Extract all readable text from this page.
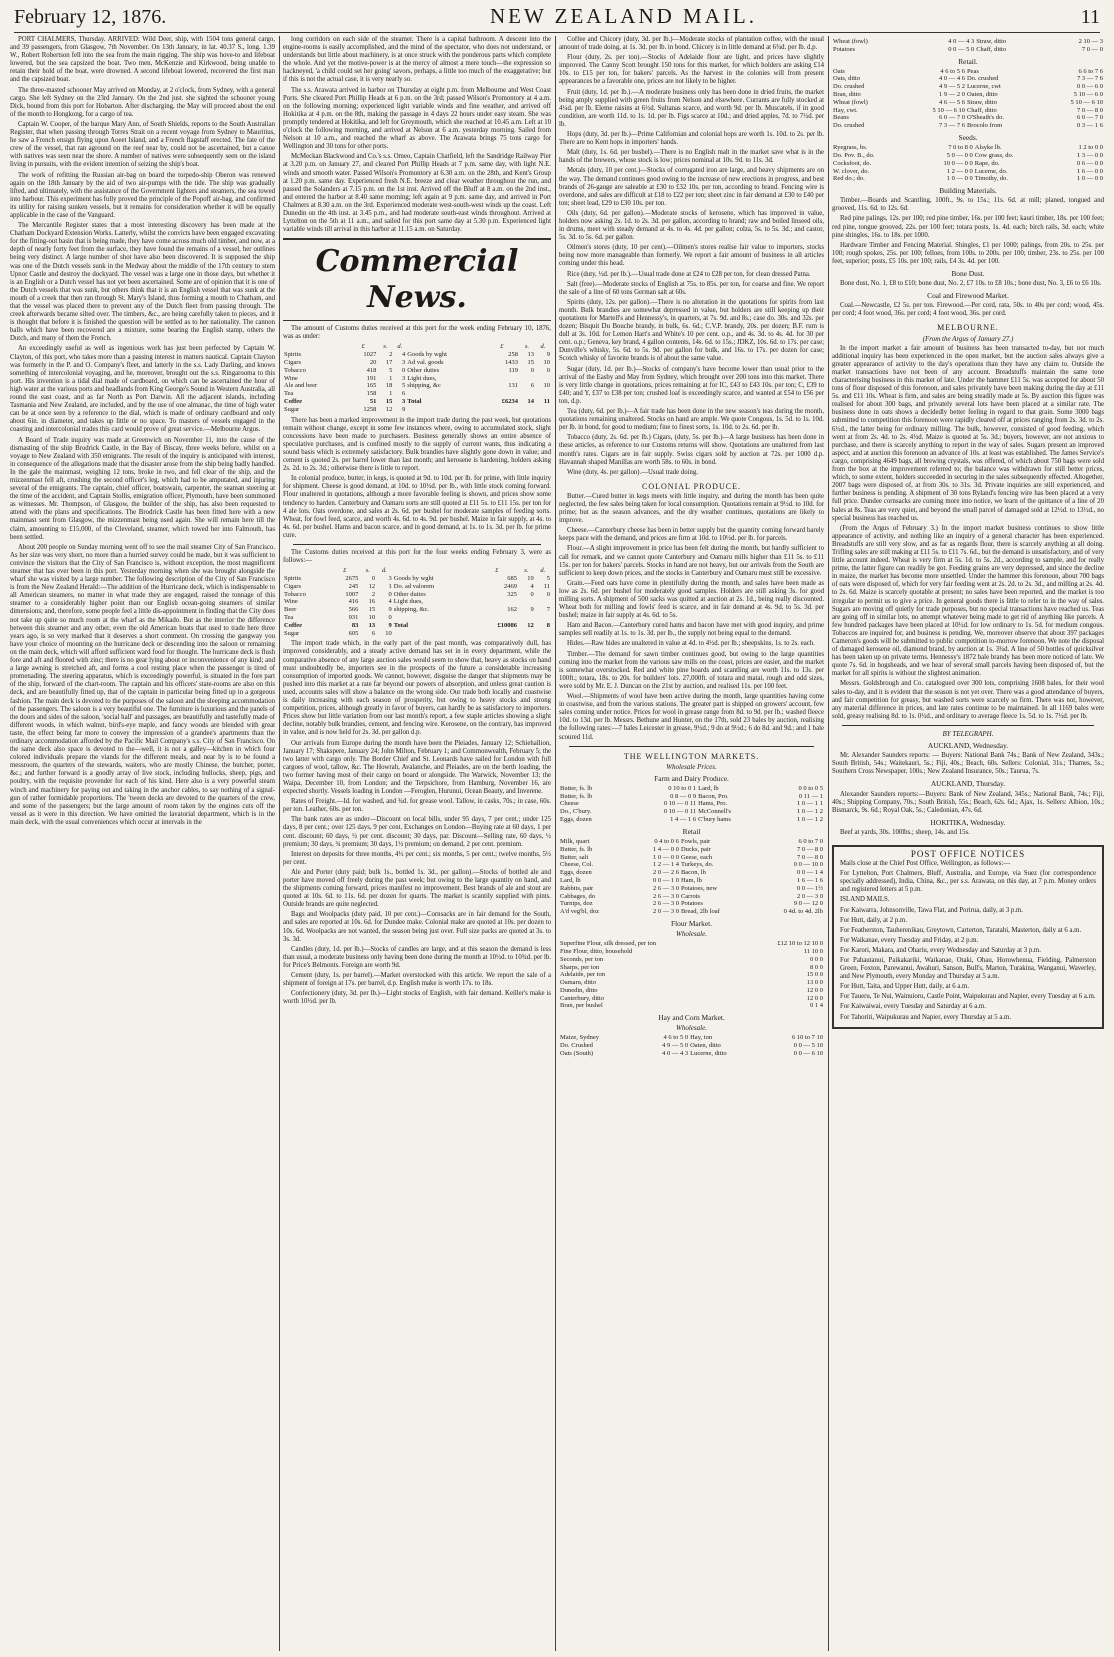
February 12, 1876.	NEW ZEALAND MAIL.	11

PORT CHALMERS, Thursday. ARRIVED: Wild Deer, ship, with 1504 tons general cargo, and 39 passengers, from Glasgow, 7th November. On 13th January, in lat. 40.37 S., long. 1.39 W., Robert Robertson fell into the sea from the main rigging. The ship was hove-to and lifeboat lowered, but the sea capsized the boat. Two men, McKenzie and Kirkwood, being unable to retain their hold of the boat, were drowned. A second lifeboat lowered, recovered the first man and the capsized boat.

The three-masted schooner May arrived on Monday, at 2 o'clock, from Sydney, with a general cargo. She left Sydney on the 23rd January. On the 2nd just. she sighted the schooner young Dick, bound from this port for Hobarton. After discharging, the May will proceed about the end of the month to Hongkong, for a cargo of tea.

Captain W. Cooper, of the barque Mary Ann, of South Shields, reports to the South Australian Register, that when passing through Torres Strait on a recent voyage from Sydney to Mauritius, he saw a French ensign flying upon Aoeet Island, and a French flagstaff erected. The fate of the crew of the vessel, that ran aground on the reef near by, could not be ascertained, but a canoe with natives was seen near the shore. A number of natives were subsequently seen on the island living in pursuits, with the evident intention of seizing the ship's boat.

The work of refitting the Russian air-bag on board the torpedo-ship Oberon was renewed again on the 18th January by the aid of two air-pumps with the tide. The ship was gradually lifted, and ultimately, with the assistance of the Government lighters and steamers, the sea towed into harbour. This experiment has fully proved the principle of the Popoff air-bag, and confirmed its utility for raising sunken vessels, but it remains for consideration whether it will be equally applicable in the case of the Vanguard.

The Mercantile Register states that a most interesting discovery has been made at the Chatham Dockyard Extension Works. Latterly, whilst the convicts have been engaged excavating for the fitting-out basin that is being made, they have come across much old timber, and now, at a depth of nearly forty feet from the surface, they have found the remains of a vessel, her outlines being very distinct. A large number of shot have also been discovered. It is supposed the ship was one of the Dutch vessels sunk in the Medway about the middle of the 17th century to stem Upnor Castle and destroy the dockyard. The vessel was a large one in those days, but whether it is an English or a Dutch vessel has not yet been ascertained. Some are of opinion that it is one of the Dutch vessels that was sunk, but others think that it is an English vessel that was sunk at the mouth of a creek that then ran through St. Mary's Island, thus forming a mouth to Chatham, and that the vessel was placed there to prevent any of the Dutch fleet from passing through. The creek afterwards became silted over. The timbers, &c., are being carefully taken to pieces, and it is thought that before it is finished the question will be settled as to her nationality. The cannon balls which have been recovered are a mixture, some bearing the English stamp, others the Dutch, and many of them the French.

An exceedingly useful as well as ingenious work has just been perfected by Captain W. Clayton, of this port, who takes more than a passing interest in matters nautical. Captain Clayton was formerly in the P. and O. Company's fleet, and latterly in the s.s. Lady Darling, and knows something of intercolonial voyaging, and he, moreover, brought out the s.s. Ringarooma to this port. His invention is a tidal dial made of cardboard, on which can be ascertained the hour of high water at the various ports and headlands from King George's Sound in Western Australia, all round the east coast, and as far North as Port Darwin. All the adjacent islands, including Tasmania and New Zealand, are included, and by the use of one almanac, the time of high water can be at once seen by a reference to the dial, which is made of ordinary cardboard and only about 6in. in diameter, and takes up little or no space. To masters of vessels engaged in the coasting and intercolonial trades this card would prove of great service.—Melbourne Argus.

A Board of Trade inquiry was made at Greenwich on November 11, into the cause of the dismasting of the ship Brodrick Castle, in the Bay of Biscay, three weeks before, whilst on a voyage to New Zealand with 350 emigrants. The result of the inquiry is anticipated with interest, in consequence of the allegations made that the disaster arose from the ship being badly handled. In the gale the mainmast, weighing 12 tons, broke in two, and fell clear of the ship, and the mizzenmast fell aft, crushing the second officer's leg, which had to be amputated, and injuring several of the emigrants. The captain, chief officer, boatswain, carpenter, the seaman steering at the time of the accident, and Captain Stollis, emigration officer, Plymouth, have been summoned as witnesses. Mr. Thompson, of Glasgow, the builder of the ship, has also been requested to attend with the plans and specifications. The Brodrick Castle has been fitted here with a new mainmast sent from Glasgow, the mizzenmast being used again. She will remain here till the claim, amounting to £15,000, of the Cleveland, steamer, which towed her into Falmouth, has been settled.

About 200 people on Sunday morning went off to see the mail steamer City of San Francisco. As her size was very short, no more than a hurried survey could be made, but it was sufficient to convince the visitors that the City of San Francisco is, without exception, the most magnificent steamer that has ever been in this port. Yesterday morning when she was brought alongside the wharf she was visited by a large number. The following description of the City of San Francisco is from the New Zealand Herald:—The addition of the Hurricane deck, which is indispensable to all American steamers, no matter in what trade they are engaged, raised the tonnage of this steamer to a considerably higher point than our English ocean-going steamers of similar dimensions; and, therefore, some people feel a little dis-appointment in finding that the City does not take up quite so much room at the wharf as the Mikado. But as the interior the difference between this steamer and any other, even the old American boats that used to trade here three years ago, is so very marked that it deserves a short comment. On crossing the gangway you have your choice of mounting on the hurricane deck or descending into the saloon or remaining on the main deck, which will afford sufficient ward food for thought. The hurricane deck is flush fore and aft and floored with zinc; there is no gear lying about or inconvenience of any kind; and a large awning is stretched aft, and forms a cool resting place when the passenger is tired of promenading. The steering apparatus, which is exceedingly powerful, is situated in the fore part of the ship, forward of the chart-room. The captain and his officers' state-rooms are also on this deck, and are beautifully fitted up, that of the captain in particular being fitted up in a gorgeous fashion. The main deck is devoted to the purposes of the saloon and the sleeping accommodation of the passengers. The saloon is a very beautiful one. The furniture is luxurious and the panels of the doors and sides of the saloon, 'social hall' and passages, are beautifully and tastefully made of different woods, in which walnut, bird's-eye maple, and fancy woods are blended with great taste, the effect being far more to convey the impression of a grandee's apartments than the ordinary accommodation afforded by the Pacific Mail Company's s.s. City of San Francisco. On the same deck also space is devoted to the—well, it is not a galley—kitchen in which four colored individuals prepare the viands for the different meals, and near by is to be found a messroom, the quarters of the stewards, waiters, who are mostly Chinese, the butcher, porter, &c.; and further forward is a goodly array of live stock, including bullocks, sheep, pigs, and poultry, with the requisite provender for each of his kind. Here also is a very powerful steam winch and machinery for paying out and taking in the anchor cables, to say nothing of a signal-gun of rather formidable proportions. The 'tween decks are devoted to the quarters of the crew, and some of the passengers; but the large amount of room taken by the engines cuts off the vessel as it were in this direction. We have omitted the lavatorial department, which is in the main deck, with the usual conveniences which occur at intervals in the

long corridors on each side of the steamer. There is a capital bathroom. A descent into the engine-rooms is easily accomplished, and the mind of the spectator, who does not understand, or understands but little about machinery, is at once struck with the ponderous parts which complete the whole. And yet the motive-power is at the mercy of almost a mere touch—the expression so hackneyed, 'a child could set her going' savors, perhaps, a little too much of the exaggerative; but if this is not the actual case, it is very nearly so.

The s.s. Arawata arrived in harbor on Thursday at eight p.m. from Melbourne and West Coast Ports. She cleared Port Phillip Heads at 6 p.m. on the 3rd; passed Wilson's Promontory at 4 a.m. on the following morning; experienced light variable winds and fine weather, and arrived off Hokitika at 4 p.m. on the 8th, making the passage in 4 days 22 hours under easy steam. She was promptly tendered at Hokitika, and left for Greymouth, which she reached at 10.45 a.m. Left at 10 o'clock the following morning, and arrived at Nelson at 6 a.m. yesterday morning. Sailed from Nelson at 10 a.m., and reached the wharf as above. The Arawata brings 75 tons cargo for Wellington and 30 tons for other ports.

McMeckan Blackwood and Co.'s s.s. Omeo, Captain Chatfield, left the Sandridge Railway Pier at 3.20 p.m. on January 27, and cleared Port Phillip Heads at 7 p.m. same day, with light N.E. winds and smooth water. Passed Wilson's Promontory at 6.30 a.m. on the 28th, and Kent's Group at 1.20 p.m. same day. Experienced fresh N.E. breeze and clear weather throughout the run, and passed the Solanders at 7.15 p.m. on the 1st inst. Arrived off the Bluff at 8 a.m. on the 2nd inst., and entered the harbor at 8.40 same morning; left again at 9 p.m. same day, and arrived in Port Chalmers at 8.30 a.m. on the 3rd. Experienced moderate west-south-west winds up the coast. Left Dunedin on the 4th inst. at 3.45 p.m., and had moderate south-east winds throughout. Arrived at Lyttelton on the 5th at 11 a.m., and sailed for this port same day at 5.30 p.m. Experienced light variable winds till arrival in this harbor at 11.15 a.m. on Saturday.

Commercial News.

The amount of Customs duties received at this port for the week ending February 10, 1876, was as under:

	£	s.	d.		£	s.	d.
Spirits	1027	2	4	Goods by wght	258	13	9
Cigars	20	17	3	Ad val. goods	1433	15	10
Tobacco	418	5	0	Other duties	119	0	0
Wine	191	1	3	Light dues,			
Ale and beer	165	18	5	shipping, &c	131	6	10
Tea	158	1	6				
Coffee	51	15	3	Total	£6234	14	11
Sugar	1258	12	9				

There has been a marked improvement in the import trade during the past week, but quotations remain without change, except in some few instances where, owing to accumulated stock, slight concessions have been made to purchasers. Business generally shows an entire absence of speculative purchases, and is confined mostly to the supply of current wants, thus indicating a sound basis which is extremely satisfactory. Bulk brandies have slightly gone down in value; and cement is quoted 2s. per barrel lower than last month; and kerosene is hardening, holders asking 2s. 2d. to 2s. 3d.; otherwise there is little to report.

In colonial produce, butter, in kegs, is quoted at 9d. to 10d. per lb. for prime, with little inquiry for shipment. Cheese is good demand, at 10d. to 10½d. per lb., with little stock coming forward. Flour unaltered in quotations, although a more favorable feeling is shown, and prices show some tendency to harden. Canterbury and Oamaru sorts are still quoted at £11 5s. to £11 15s. per ton for 4 ale lots. Oats overdone, and sales at 2s. 6d. per bushel for moderate samples of feeding sorts. Wheat, for fowl feed, scarce, and worth 4s. 6d. to 4s. 9d. per bushel. Maize in fair supply, at 4s. to 4s. 6d. per bushel. Hams and bacon scarce, and in good demand, at 1s. to 1s. 3d. per lb. for prime cure.

The Customs duties received at this port for the four weeks ending February 3, were as follows:—

	£	s.	d.		£	s.	d.
Spirits	2675	0	3	Goods by wght	685	19	5
Cigars	245	12	1	Do. ad valorem	2469	4	11
Tobacco	1007	2	0	Other duties	325	0	0
Wine	416	16	4	Light dues,			
Beer	566	15	9	shipping, &c.	162	9	7
Tea	931	10	0				
Coffee	83	13	9	Total	£10086	12	8
Sugar	605	6	10				

The import trade which, in the early part of the past month, was comparatively dull, has improved considerably, and a steady active demand has set in in every department, while the comparative absence of any large auction sales would seem to show that, heavy as stocks on hand must undoubtedly be, importers see in the prospects of the future a considerable increasing consumption of imported goods. We cannot, however, disguise the danger that shipments may be pushed into this market at a rate far beyond our powers of absorption, and unless great caution is used, accounts sales will show a balance on the wrong side. Our trade both locally and coastwise is daily increasing with each season of prosperity, but owing to heavy stocks and strong competition, prices, although greatly in favor of buyers, can hardly be as satisfactory to importers. Prices show but little variation from our last month's report, a few staple articles showing a slight decline, notably bulk brandies, cement, and fencing wire. Kerosene, on the contrary, has improved in value, and is now held for 2s. 3d. per gallon d.p.

Our arrivals from Europe during the month have been the Pleiades, January 12; Schiehallion, January 17; Shakspere, January 24; John Milton, February 1; and Commonwealth, February 5; the two latter with cargo only. The Border Chief and St. Leonards have sailed for London with full cargoes of wool, tallow, &c. The Howrah, Avalanche, and Pleiades, are on the berth loading, the two former having most of their cargo on board or alongside. The Warwick, November 13; the Waipa, December 10, from London; and the Terpsichore, from Hamburg, November 16, are expected shortly. Vessels loading in London —Feroglen, Hurunui, Ocean Beauty, and Inverene.

Rates of Freight.—Id. for washed, and ¾d. for grease wool. Tallow, in casks, 70s.; in case, 60s. per ton. Leather, 60s. per ton.

The bank rates are as under—Discount on local bills, under 95 days, 7 per cent.; under 125 days, 8 per cent.; over 125 days, 9 per cent. Exchanges on London—Buying rate at 60 days, 1 per cent. discount; 60 days, ½ per cent. discount; 30 days, par. Discount—Selling rate, 60 days, ½ premium; 30 days, ¾ premium; 30 days, 1½ premium; on demand, 2 per cent. premium.

Interest on deposits for three months, 4½ per cent.; six months, 5 per cent.; twelve months, 5½ per cent.

Ale and Porter (duty paid; bulk 1s., bottled 1s. 3d., per gallon).—Stocks of bottled ale and porter have moved off freely during the past week; but owing to the large quantity on hand, and the shipments coming forward, prices manifest no improvement. Best brands of ale and stout are quoted at 10s. 6d. to 11s. 6d. per dozen for quarts. The market is scantily supplied with pints. Outside brands are quite neglected.

Bags and Woolpacks (duty paid, 10 per cent.)—Cornsacks are in fair demand for the South, and sales are reported at 10s. 6d. for Dundee make. Colonial make are quoted at 10s. per dozen to 10s. 6d. Woolpacks are not wanted, the season being just over. Full size packs are quoted at 3s. to 3s. 3d.

Candles (duty, 1d. per lb.)—Stocks of candles are large, and at this season the demand is less than usual, a moderate business only having been done during the month at 10½d. to 10¾d. per lb. for Price's Belmonts. Foreign are worth 9d.

Cement (duty, 1s. per barrel).—Market overstocked with this article. We report the sale of a shipment of foreign at 17s. per barrel, d.p. English make is worth 17s. to 18s.

Confectionery (duty, 3d. per lb.)—Light stocks of English, with fair demand. Keiller's make is worth 10½d. per lb.

Coffee and Chicory (duty, 3d. per lb.)—Moderate stocks of plantation coffee, with the usual amount of trade doing, at 1s. 3d. per lb. in bond. Chicory is in little demand at 6¾d. per lb. d.p.

Flour (duty, 2s. per ton).—Stocks of Adelaide flour are light, and prices have slightly improved. The Canny Scott brought 150 tons for this market, for which holders are asking £14 10s. to £15 per ton, for bakers' parcels. As the harvest in the colonies will from present appearances be a favorable one, prices are not likely to be higher.

Fruit (duty, 1d. per lb.).—A moderate business only has been done in dried fruits, the market being amply supplied with green fruits from Nelson and elsewhere. Currants are fully stocked at 4¼d. per lb. Eleme raisins at 6½d. Sultanas scarce, and worth 9d. per lb. Muscatels, if in good condition, are worth 11d. to 1s. 1d. per lb. Figs scarce at 10d.; and dried apples, 7d. to 7½d. per lb.

Hops (duty, 3d. per lb.)—Prime Californian and colonial hops are worth 1s. 10d. to 2s. per lb. There are no Kent hops in importers' hands.

Malt (duty, 1s. 6d. per bushel).—There is no English malt in the market save what is in the hands of the brewers, whose stock is low; prices nominal at 10s. 9d. to 11s. 3d.

Metals (duty, 10 per cent.)—Stocks of corrugated iron are large, and heavy shipments are on the way. The demand continues good owing to the increase of new erections in progress, and best brands of 26-gauge are saleable at £30 to £32 10s. per ton, according to brand. Fencing wire is overdone, and sales are difficult at £18 to £22 per ton; sheet zinc in fair demand at £30 to £40 per ton; sheet lead, £29 to £30 10s. per ton.

Oils (duty, 6d. per gallon).—Moderate stocks of kerosene, which has improved in value, holders now asking 2s. 1d. to 2s. 3d. per gallon, according to brand; raw and boiled linseed oils, in drums, meet with steady demand at 4s. to 4s. 4d. per gallon; colza, 5s. to 5s. 3d.; and castor, 5s. 3d. to 5s. 6d. per gallon.

Oilmen's stores (duty, 10 per cent).—Oilmen's stores realise fair value to importers, stocks being now more manageable than formerly. We report a fair amount of business in all articles coming under this head.

Rice (duty, ½d. per lb.).—Usual trade done at £24 to £28 per ton, for clean dressed Patna.

Salt (free).—Moderate stocks of English at 75s. to 85s. per ton, for coarse and fine. We report the sale of a line of 60 tons German salt at 60s.

Spirits (duty, 12s. per gallon).—There is no alteration in the quotations for spirits from last month. Bulk brandies are somewhat depressed in value, but holders are still keeping up their quotations for Martell's and Hennessy's, in quarters, at 7s. 9d. and 8s.; case do. 30s. and 32s. per dozen; Bisquit Du Bouche brandy, in bulk, 6s. 6d.; C.V.P. brandy, 20s. per dozen; B.F. rum is dull at 3s. 10d. for Lemon Hart's and White's 10 per cent. o.p., and 4s. 3d. to 4s. 4d. for 30 per cent. o.p.; Geneva, key brand, 4 gallon contents, 14s. 6d. to 15s.; JDKZ, 10s. 6d. to 17s. per case; Dunville's whisky, 5s. 6d. to 5s. 9d. per gallon for bulk, and 16s. to 17s. per dozen for case; Scotch whisky of favorite brands is of about the same value.

Sugar (duty, 1d. per lb.)—Stocks of company's have become lower than usual prior to the arrival of the Easby and May from Sydney, which brought over 200 tons into this market. There is very little change in quotations, prices remaining at for IC, £43 to £43 10s. per ton; C, £39 to £40; and Y, £37 to £38 per ton; crushed loaf is exceedingly scarce, and wanted at £54 to £56 per ton, d.p.

Tea (duty, 6d. per lb.)—A fair trade has been done in the new season's teas during the month, quotations remaining unaltered. Stocks on hand are ample. We quote Congous, 1s. 5d. to 1s. 10d. per lb. in bond, for good to medium; fine to finest sorts, 1s. 10d. to 2s. 6d. per lb.

Tobacco (duty, 2s. 6d. per lb.) Cigars, (duty, 5s. per lb.)—A large business has been done in these articles, as reference to our Customs returns will show. Quotations are unaltered from last month's rates. Cigars are in fair supply. Swiss cigars sold by auction at 72s. per 1000 d.p. Havannah shaped Manillas are worth 58s. to 60s. in bond.

Wine (duty, 4s. per gallon).—Usual trade doing.

COLONIAL PRODUCE.

Butter.—Cured butter in kegs meets with little inquiry, and during the month has been quite neglected, the few sales being taken for local consumption. Quotations remain at 9½d. to 10d. for prime; but as the season advances, and the dry weather continues, quotations are likely to improve.

Cheese.—Canterbury cheese has been in better supply but the quantity coming forward barely keeps pace with the demand, and prices are firm at 10d. to 10½d. per lb. for parcels.

Flour.—A slight improvement in price has been felt during the month, but hardly sufficient to call for remark, and we cannot quote Canterbury and Oamaru mills higher than £11 5s. to £11 15s. per ton for bakers' parcels. Stocks in hand are not heavy, but our arrivals from the South are sufficient to keep down prices, and the stocks in Canterbury and Oamaru must still be excessive.

Grain.—Feed oats have come in plentifully during the month, and sales have been made as low as 2s. 6d. per bushel for moderately good samples. Holders are still asking 3s. for good milling sorts. A shipment of 500 sacks was quitted at auction at 2s. 1d., being really discounted. Wheat both for milling and fowls' feed is scarce, and in fair demand at 4s. 9d. to 5s. 3d. per bushel; maize in fair supply at 4s. 6d. to 5s.

Ham and Bacon.—Canterbury cured hams and bacon have met with good inquiry, and prime samples sell readily at 1s. to 1s. 3d. per lb., the supply not being equal to the demand.

Hides.—Raw hides are unaltered in value at 4d. to 4½d. per lb.; sheepskins, 1s. to 2s. each.

Timber.—The demand for sawn timber continues good, but owing to the large quantities coming into the market from the various saw mills on the coast, prices are easier, and the market is somewhat overstocked. Red and white pine boards and scantling are worth 11s. to 13s. per 100ft.; totara, 18s. to 20s. for builders' lots. 27,000ft. of totara and matai, rough and odd sizes, were sold by Mr. E. J. Duncan on the 21st by auction, and realised 11s. per 100 feet.

Wool.—Shipments of wool have been active during the month, large quantities having come in coastwise, and from the various stations. The greater part is shipped on growers' account, few sales coming under notice. Prices for wool in grease range from 8d. to 9d. per lb.; washed fleece 10d. to 13d. per lb. Messrs. Bethune and Hunter, on the 17th, sold 23 bales by auction, realising the following rates:—7 bales Leicester in grease, 9½d.; 9 do at 9½d.; 6 do 8d. and 9d.; and 1 bale scoured 11d.

THE WELLINGTON MARKETS.
Wholesale Prices.
Farm and Dairy Produce.
Butter, fs. lb	0 10 to 0 1	Lard, lb	0 0 to 0 5
Butter, fs. lb	0 8 — 0 9	Bacon, Pro.	0 11 — 1
Cheese	0 10 — 0 11	Hams, Pro.	1 0 — 1 1
Do., C'bury.	0 10 — 0 11	McConnell's	1 0 — 1 2
Eggs, dozen	1 4 — 1 6	C'bury hams	1 0 — 1 2
Retail
Milk, quart	0 4 to 0 6	Fowls, pair	6 0 to 7 0
Butter, fs. lb	1 4 — 0 0	Ducks, pair	7 0 — 8 0
Butter, salt	1 0 — 0 0	Geese, each	7 0 — 8 0
Cheese, Col.	1 2 — 1 4	Turkeys, do.	0 0 — 10 0
Eggs, dozen	2 0 — 2 6	Bacon, lb	0 0 — 1 4
Lard, lb	0 0 — 1 0	Ham, lb	1 6 — 1 6
Rabbits, pair	2 6 — 3 0	Potatoes, new	0 0 — 1½
Cabbages, do	2 6 — 3 0	Carrots	2 0 — 3 0
Turnips, doz	2 6 — 3 0	Potatoes	9 0 — 12 0
A'd veg'bl, doz	2 0 — 3 0	Bread, 2lb loaf	0 4d. to 4d. 2lb
Flour Market.
Wholesale.
Superfine Flour, silk dressed, per ton	£12 10 to 12 10 0
Fine Flour, ditto, household	11 10 0
Seconds, per ton	0 0 0
Sharps, per ton	8 0 0
Adelaide, per ton	15 0 0
Oamaru, ditto	13 0 0
Dunedin, ditto	12 0 0
Canterbury, ditto	12 0 0
Bran, per bushel	0 1 4
Hay and Corn Market.
Wholesale.
Maize, Sydney	4 6 to 5 0	Hay, ton	6 10 to 7 10
Do. Crushed	4 9 — 5 0	Oaten, ditto	0 0 — 5 10
Oats (South)	4 0 — 4 3	Lucerne, ditto	0 0 — 6 10
Wheat (fowl)	4 0 — 4 3	Straw, ditto	2 10 — 3
Potatoes	0 0 — 5 0	Chaff, ditto	7 0 — 0
Retail.
Oats	4 6 to 5 6	Peas	6 6 to 7 6
Oats, ditto	4 0 — 4 6	Do. crushed	7 3 — 7 6
Do. crushed	4 9 — 5 2	Lucerne, cwt	0 0 — 6 0
Bran, ditto	1 9 — 2 0	Oaten, ditto	5 10 — 6 0
Wheat (fowl)	4 6 — 5 6	Straw, ditto	5 10 — 6 10
Hay, cwt.	5 10 — 6 10	Chaff, ditto	7 0 — 8 0
Beans	6 0 — 7 0	O'Sheath's do.	6 0 — 7 0
Do. crushed	7 3 — 7 6	Brocolo from	0 3 — 1 6
Seeds.
Ryegrass, bs.	7 0 to 8 0	Alsyke lb.	1 2 to 0 0
Do. Pov. B., do.	5 0 — 0 0	Cow grass, do.	1 3 — 0 0
Cocksfoot, do.	10 0 — 0 0	Rape, do.	0 6 — 0 0
W. clover, do.	1 2 — 0 0	Lucerne, do.	1 6 — 0 0
Red do.; do.	1 0 — 0 0	Timothy, do.	1 0 — 0 0
Building Materials.

Timber.—Boards and Scantling, 100ft., 9s. to 15s.; 11s. 6d. at mill; planed, tongued and grooved, 11s. 6d. to 12s. 6d.

Red pine palings, 12s. per 100; red pine timber, 16s. per 100 feet; kauri timber, 18s. per 100 feet; red pine, tongue grooved, 22s. per 100 feet; totara posts, 1s. 4d. each; birch rails, 3d. each; white pine shingles, 16s. to 18s. per 1000.

Hardware Timber and Fencing Material. Shingles, £1 per 1000; palings, from 20s. to 25s. per 100; rough spokes, 25s. per 100; felloes, from 100s. to 200s. per 100; timber, 23s. to 25s. per 100 feet, superior; posts, £5 10s. per 100; rails, £4 3s. 4d. per 100.

Bone Dust.

Bone dust, No. 1, £8 to £10; bone dust, No. 2, £7 10s. to £8 10s.; bone dust, No. 3, £6 to £6 10s.

Coal and Firewood Market.

Coal.—Newcastle, £2 5s. per ton. Firewood.—Per cord, rata, 50s. to 40s per cord; wood, 45s. per cord; 4 foot wood, 36s. per cord; 4 foot wood, 36s. per cord.

MELBOURNE.
(From the Argus of January 27.)

In the import market a fair amount of business has been transacted to-day, but not much additional inquiry has been experienced in the open market, but the auction sales always give a greater appearance of activity to the day's operations than they have any claim to. Outside the market transactions have not been of any account. Breadstuffs maintain the same tone characterising business in this market of late. Under the hammer £11 5s. was accepted for about 50 tons of flour disposed of this forenoon, and sales privately have been making during the day at £11 5s. and £11 10s. Wheat is firm, and sales are being steadily made at 5s. By auction this figure was realised for about 300 bags, and privately several lots have been placed at a similar rate. The business done in oats shows a decidedly better feeling in regard to that grain. Some 3000 bags submitted to competition this forenoon were rapidly cleared off at prices ranging from 2s. 3d. to 2s. 6½d., the latter being for ordinary milling. The bulk, however, consisted of good feeding, which went at from 2s. 4d. to 2s. 4½d. Maize is quoted at 5s. 3d.; buyers, however, are not anxious to purchase, and there is scarcely anything to report in the way of sales. Sugars present an improved aspect, and at auction this forenoon an advance of 10s. at least was established. The James Service's cargo, comprising 4649 bags, all brewing crystals, was offered, of which about 750 bags were sold from the box at the improvement referred to; the balance was withdrawn for still better prices, which, to some extent, holders succeeded in securing in the sales subsequently effected. Altogether, 2007 bags were disposed of, at from 30s. to 31s. 3d. Private inquiries are still experienced, and further business is pending. A shipment of 30 tons Ryland's fencing wire has been placed at a very full price. Dundee cornsacks are coming more into notice, we learn of the quittance of a line of 20 bales at 8s. Teas are very quiet, and beyond the small parcel of damaged sold at 12½d. to 13½d., no special business has reached us.

(From the Argus of February 3.) In the import market business continues to show little appearance of activity, and nothing like an inquiry of a general character has been experienced. Breadstuffs are still very slow, and as far as regards flour, there is scarcely anything at all doing. Trifling sales are still making at £11 5s. to £11 7s. 6d., but the demand is unsatisfactory, and of very little account indeed. Wheat is very firm at 5s. 1d. to 5s. 2d., according to sample, and for really prime, the latter figure can readily be got. Feeding grains are very depressed, and since the decline in maize, the market has become more unsettled. Under the hammer this forenoon, about 700 bags of oats were disposed of, which for very fair feeding went at 2s. 2d. to 2s. 3d., and milling at 2s. 4d. to 2s. 6d. Maize is scarcely quotable at present; no sales have been reported, and the market is too irregular to permit us to give a price. In general goods there is little to refer to in the way of sales. Sugars are moving off quietly for trade purposes, but no special transactions have reached us. Teas are going off in similar lots, no attempt whatever being made to get rid of anything like parcels. A few hundred packages have been placed at 10½d. for low ordinary to 1s. 5d. for medium congous. Tobaccos are inquired for, and business is pending. We, moreover observe that about 397 packages Cameron's goods will be submitted to public competition to-morrow forenoon. We note the disposal of damaged kerosene oil, diamond brand, by auction at 1s. 3¾d. A line of 50 bottles of quicksilver has been taken up on private terms. Hennessy's 1872 bale brandy has been more noticed of late. We quote 7s. 6d. in hogsheads, and we hear of several small parcels having been disposed of, but the market for all spirits is without the slightest animation.

Messrs. Goldsbrough and Co. catalogued over 300 lots, comprising 1608 bales, for their wool sales to-day, and it is evident that the season is not yet over. There was a good attendance of buyers, and fair competition for greasy, but washed sorts were scarcely so firm. There was not, however, any material difference in prices, and late rates continue to be maintained. In all 1169 bales were sold, greasy realising 8d. to 1s. 0½d., and ordinary to average fleece 1s. 5d. to 1s. 7½d. per lb.

BY TELEGRAPH.
AUCKLAND, Wednesday.

Mr. Alexander Saunders reports: — Buyers: National Bank 74s.; Bank of New Zealand, 343s.; South British, 54s.; Waitekauri, 5s.; Fiji, 40s.; Beach, 60s. Sellers: Colonial, 31s.; Thames, 5s.; Southern Cross Newspaper, 100s.; New Zealand Insurance, 50s.; Taurua, 7s.

AUCKLAND, Thursday.

Alexander Saunders reports:—Buyers: Bank of New Zealand, 345s.; National Bank, 74s.; Fiji, 40s.; Shipping Company, 70s.; South British, 55s.; Beach, 62s. 6d.; Ajax, 1s. Sellers: Albion, 10s.; Bismarck, 9s. 6d.; Royal Oak, 5s.; Caledonian, 47s. 6d.

HOKITIKA, Wednesday.

Beef at yards, 30s. 100lbs.; sheep, 14s. and 15s.

POST OFFICE NOTICES

Mails close at the Chief Post Office, Wellington, as follows:—

For Lyttelton, Port Chalmers, Bluff, Australia, and Europe, via Suez (for correspondence specially addressed), India, China, &c., per s.s. Arawata, on this day, at 7 p.m. Money orders and registered letters at 5 p.m.

ISLAND MAILS.

For Kaiwarra, Johnsonville, Tawa Flat, and Porirua, daily, at 3 p.m.

For Hutt, daily, at 2 p.m.

For Featherston, Tauherenikau, Greytown, Carterton, Taratahi, Masterton, daily at 6 a.m.

For Waikanae, every Tuesday and Friday, at 2 p.m.

For Karori, Makara, and Ohariu, every Wednesday and Saturday at 3 p.m.

For Pahautanui, Paikakariki, Waikanae, Otaki, Ohau, Horowhenua, Fielding, Palmerston Green, Foxton, Parewanui, Awahuri, Sanson, Bull's, Marton, Turakina, Wanganui, Waverley, and New Plymouth, every Monday and Thursday at 5 a.m.

For Hutt, Taita, and Upper Hutt, daily, at 6 a.m.

For Taueru, Te Nui, Wainuioru, Castle Point, Waipukurau and Napier, every Tuesday at 6 a.m.

For Kaiwaiwai, every Tuesday and Saturday at 6 a.m.

For Tahoriti, Waipukurau and Napier, every Thursday at 5 a.m.
